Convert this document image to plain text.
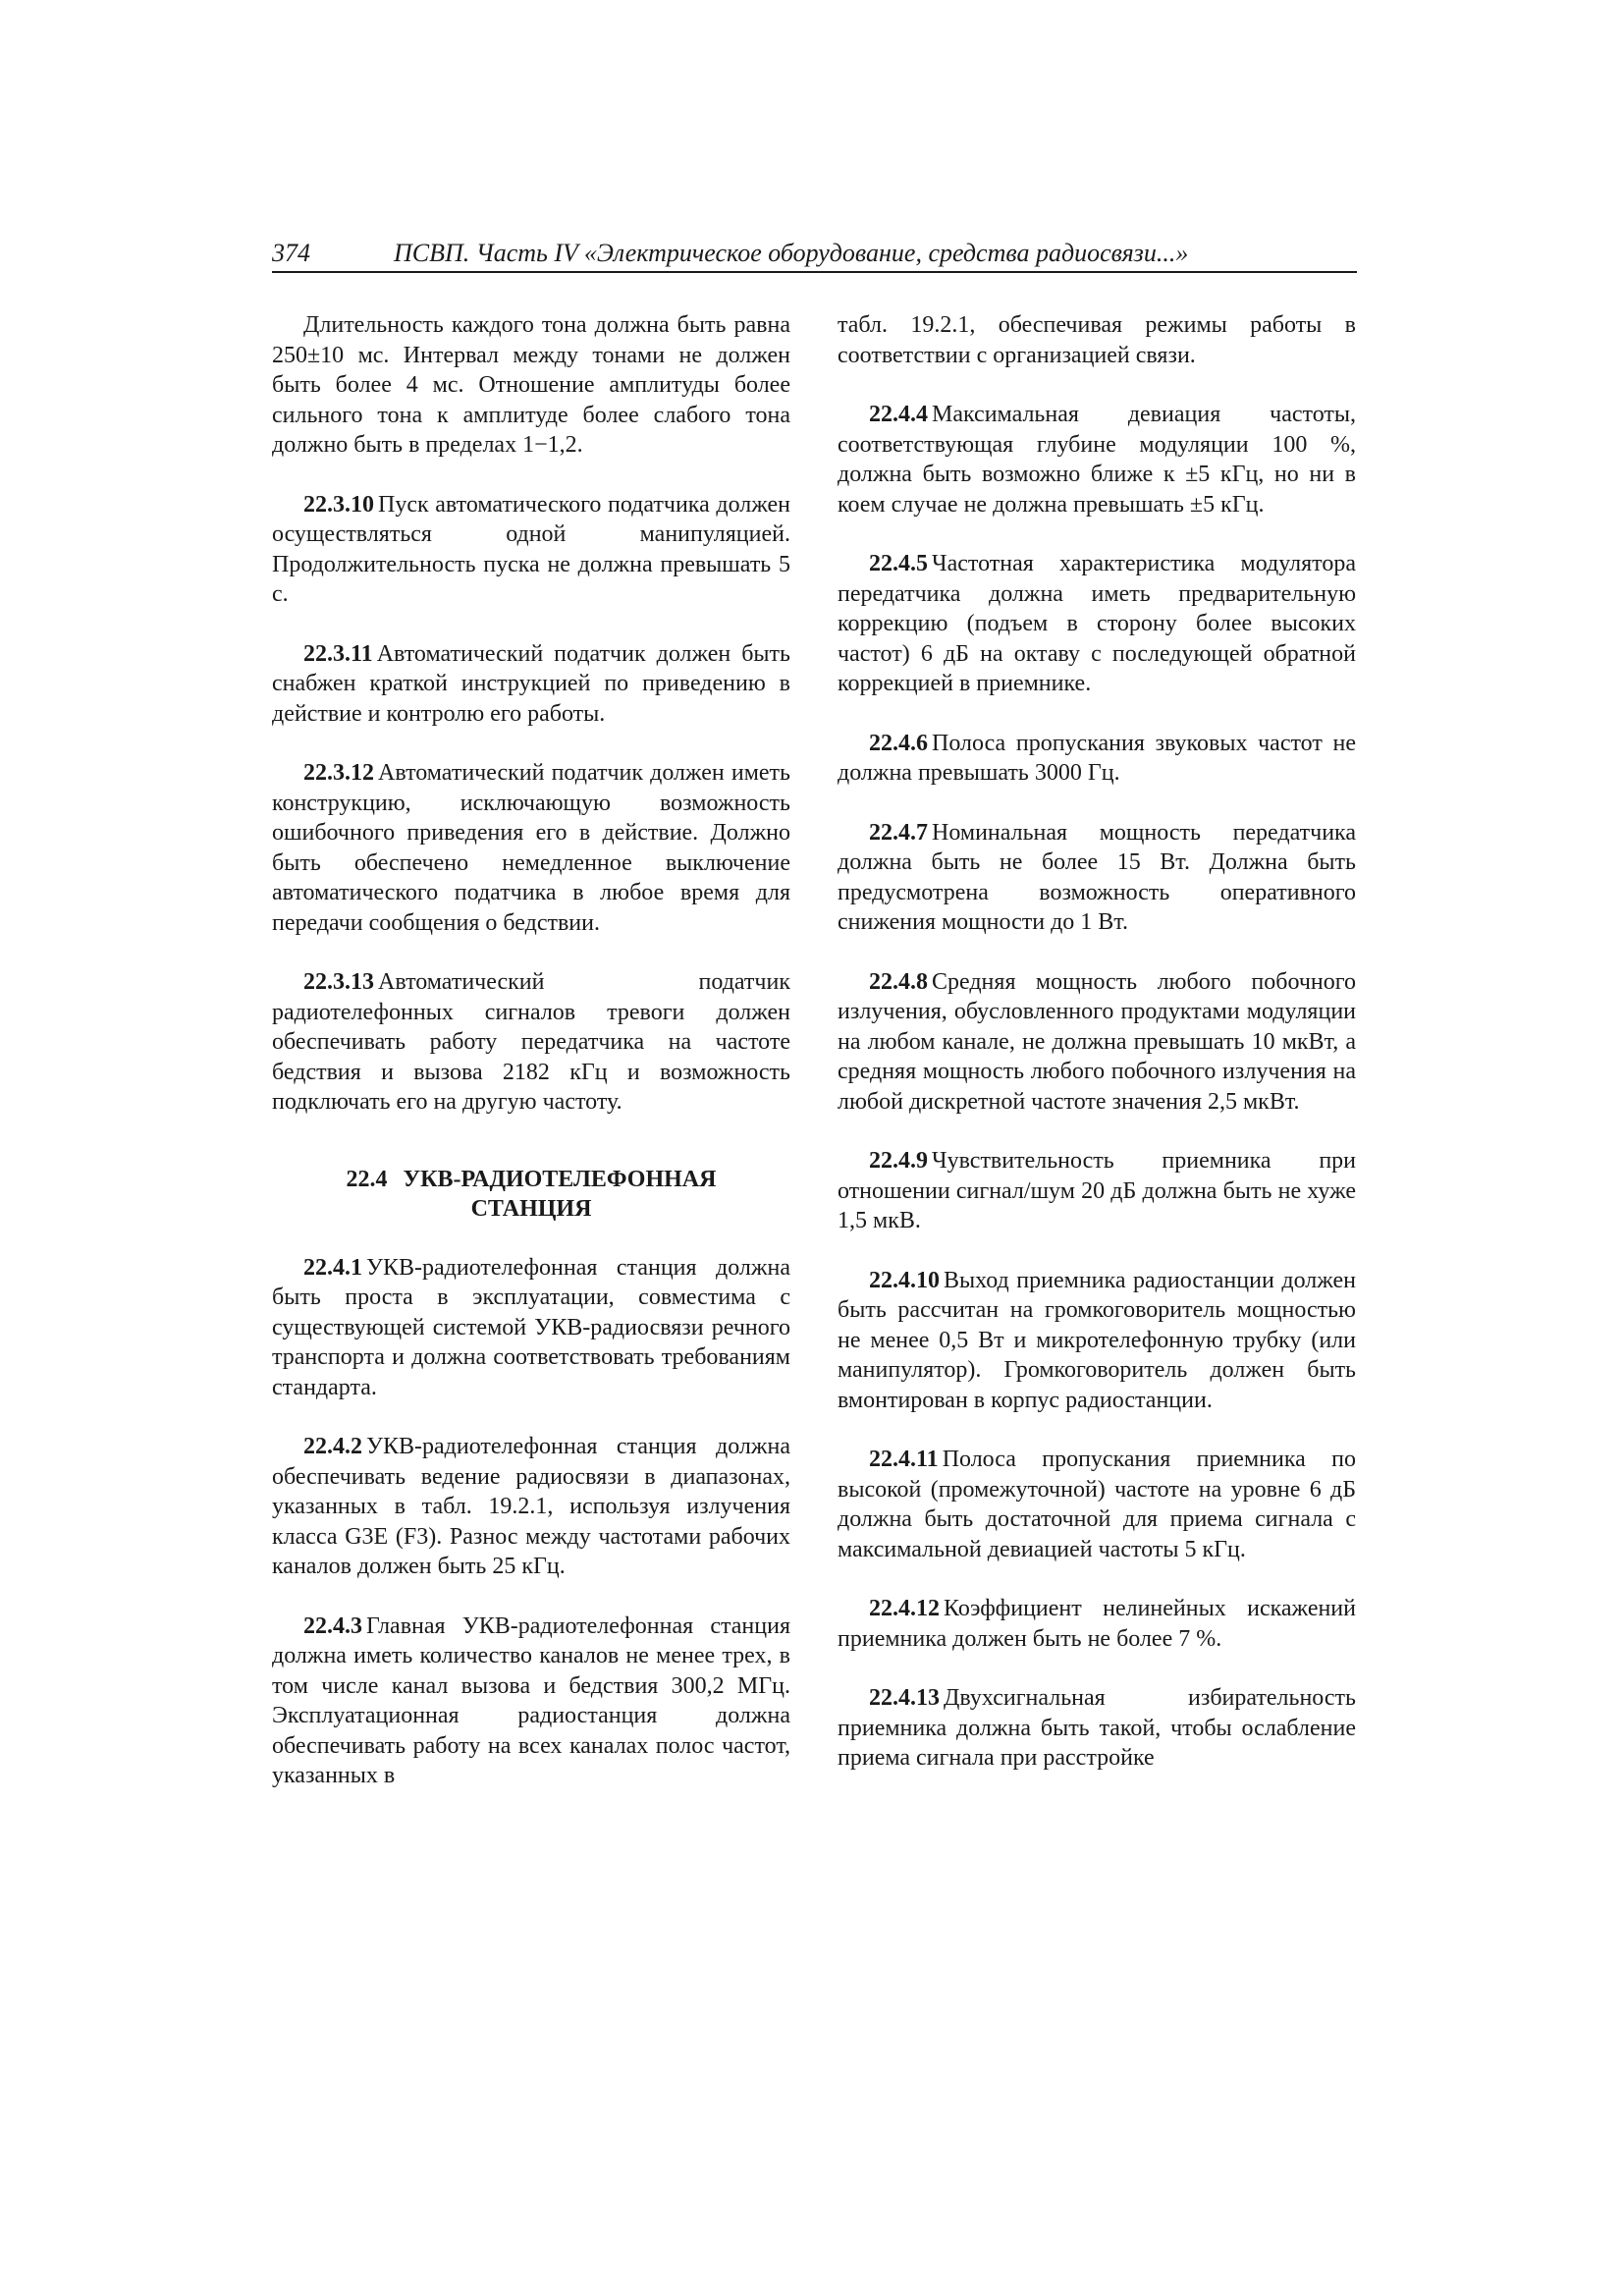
374	ПСВП. Часть IV «Электрическое оборудование, средства радиосвязи...»

Длительность каждого тона должна быть равна 250±10 мс. Интервал между тонами не должен быть более 4 мс. Отношение амплитуды более сильного тона к амплитуде более слабого тона должно быть в пределах 1−1,2.

22.3.10 Пуск автоматического податчика должен осуществляться одной манипуляцией. Продолжительность пуска не должна превышать 5 с.

22.3.11 Автоматический податчик должен быть снабжен краткой инструкцией по приведению в действие и контролю его работы.

22.3.12 Автоматический податчик должен иметь конструкцию, исключающую возможность ошибочного приведения его в действие. Должно быть обеспечено немедленное выключение автоматического податчика в любое время для передачи сообщения о бедствии.

22.3.13 Автоматический податчик радиотелефонных сигналов тревоги должен обеспечивать работу передатчика на частоте бедствия и вызова 2182 кГц и возможность подключать его на другую частоту.

22.4 УКВ-РАДИОТЕЛЕФОННАЯ
СТАНЦИЯ

22.4.1 УКВ-радиотелефонная станция должна быть проста в эксплуатации, совместима с существующей системой УКВ-радиосвязи речного транспорта и должна соответствовать требованиям стандарта.

22.4.2 УКВ-радиотелефонная станция должна обеспечивать ведение радиосвязи в диапазонах, указанных в табл. 19.2.1, используя излучения класса G3E (F3). Разнос между частотами рабочих каналов должен быть 25 кГц.

22.4.3 Главная УКВ-радиотелефонная станция должна иметь количество каналов не менее трех, в том числе канал вызова и бедствия 300,2 МГц. Эксплуатационная радиостанция должна обеспечивать работу на всех каналах полос частот, указанных в

табл. 19.2.1, обеспечивая режимы работы в соответствии с организацией связи.

22.4.4 Максимальная девиация частоты, соответствующая глубине модуляции 100 %, должна быть возможно ближе к ±5 кГц, но ни в коем случае не должна превышать ±5 кГц.

22.4.5 Частотная характеристика модулятора передатчика должна иметь предварительную коррекцию (подъем в сторону более высоких частот) 6 дБ на октаву с последующей обратной коррекцией в приемнике.

22.4.6 Полоса пропускания звуковых частот не должна превышать 3000 Гц.

22.4.7 Номинальная мощность передатчика должна быть не более 15 Вт. Должна быть предусмотрена возможность оперативного снижения мощности до 1 Вт.

22.4.8 Средняя мощность любого побочного излучения, обусловленного продуктами модуляции на любом канале, не должна превышать 10 мкВт, а средняя мощность любого побочного излучения на любой дискретной частоте значения 2,5 мкВт.

22.4.9 Чувствительность приемника при отношении сигнал/шум 20 дБ должна быть не хуже 1,5 мкВ.

22.4.10 Выход приемника радиостанции должен быть рассчитан на громкоговоритель мощностью не менее 0,5 Вт и микротелефонную трубку (или манипулятор). Громкоговоритель должен быть вмонтирован в корпус радиостанции.

22.4.11 Полоса пропускания приемника по высокой (промежуточной) частоте на уровне 6 дБ должна быть достаточной для приема сигнала с максимальной девиацией частоты 5 кГц.

22.4.12 Коэффициент нелинейных искажений приемника должен быть не более 7 %.

22.4.13 Двухсигнальная избирательность приемника должна быть такой, чтобы ослабление приема сигнала при расстройке
